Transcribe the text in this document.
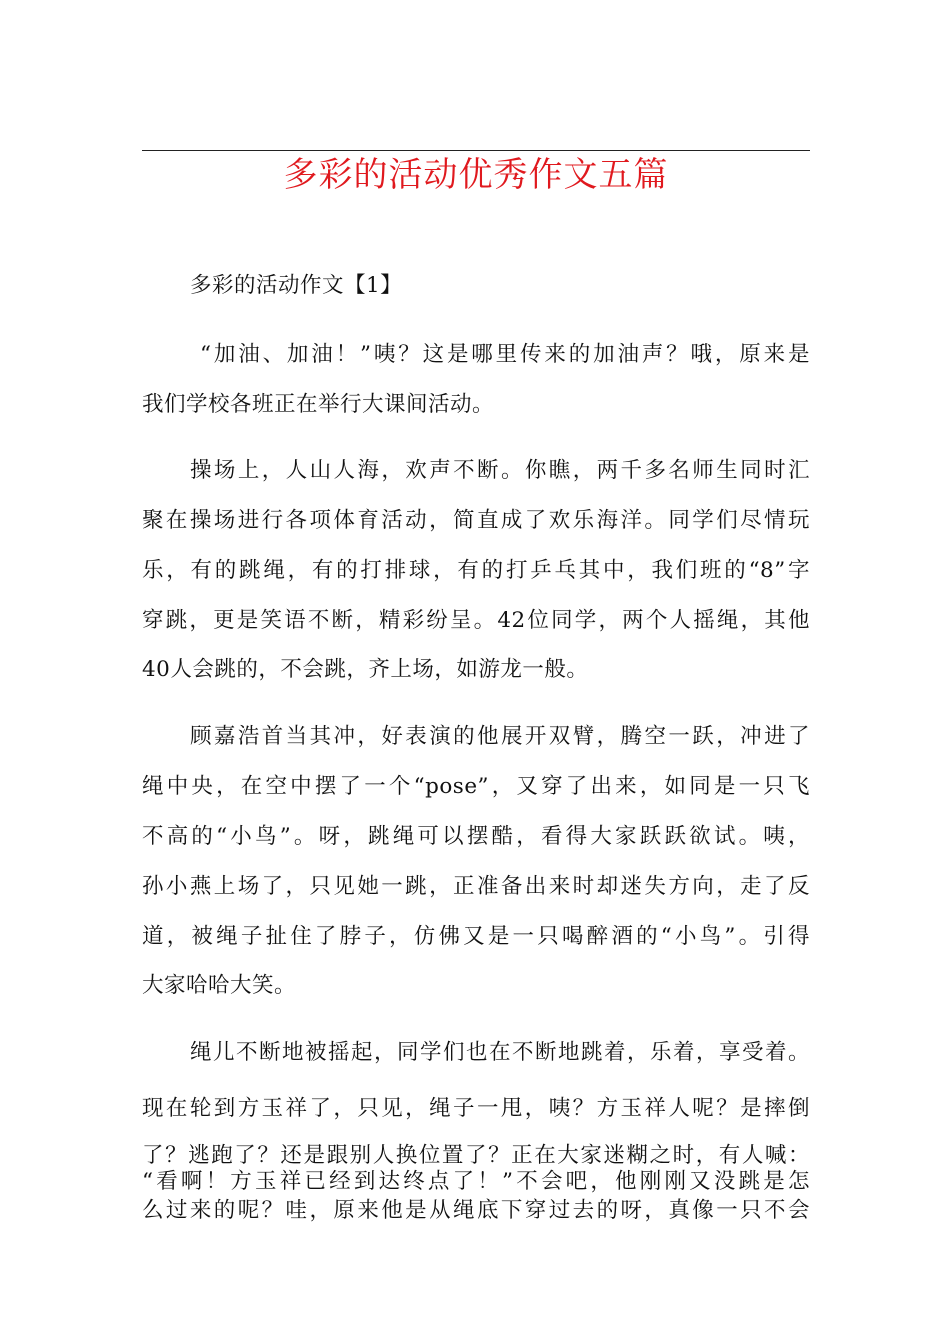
多彩的活动优秀作文五篇
多彩的活动作文【1】
“加油、加油！”咦？这是哪里传来的加油声？哦，原来是
我们学校各班正在举行大课间活动。
操场上，人山人海，欢声不断。你瞧，两千多名师生同时汇
聚在操场进行各项体育活动，简直成了欢乐海洋。同学们尽情玩
乐，有的跳绳，有的打排球，有的打乒乓其中，我们班的“8”字
穿跳，更是笑语不断，精彩纷呈。42位同学，两个人摇绳，其他
40人会跳的，不会跳，齐上场，如游龙一般。
顾嘉浩首当其冲，好表演的他展开双臂，腾空一跃，冲进了
绳中央，在空中摆了一个“pose”，又穿了出来，如同是一只飞
不高的“小鸟”。呀，跳绳可以摆酷，看得大家跃跃欲试。咦，
孙小燕上场了，只见她一跳，正准备出来时却迷失方向，走了反
道，被绳子扯住了脖子，仿佛又是一只喝醉酒的“小鸟”。引得
大家哈哈大笑。
绳儿不断地被摇起，同学们也在不断地跳着，乐着，享受着。
现在轮到方玉祥了，只见，绳子一甩，咦？方玉祥人呢？是摔倒
了？逃跑了？还是跟别人换位置了？正在大家迷糊之时，有人喊：
“看啊！方玉祥已经到达终点了！”不会吧，他刚刚又没跳是怎
么过来的呢？哇，原来他是从绳底下穿过去的呀，真像一只不会
